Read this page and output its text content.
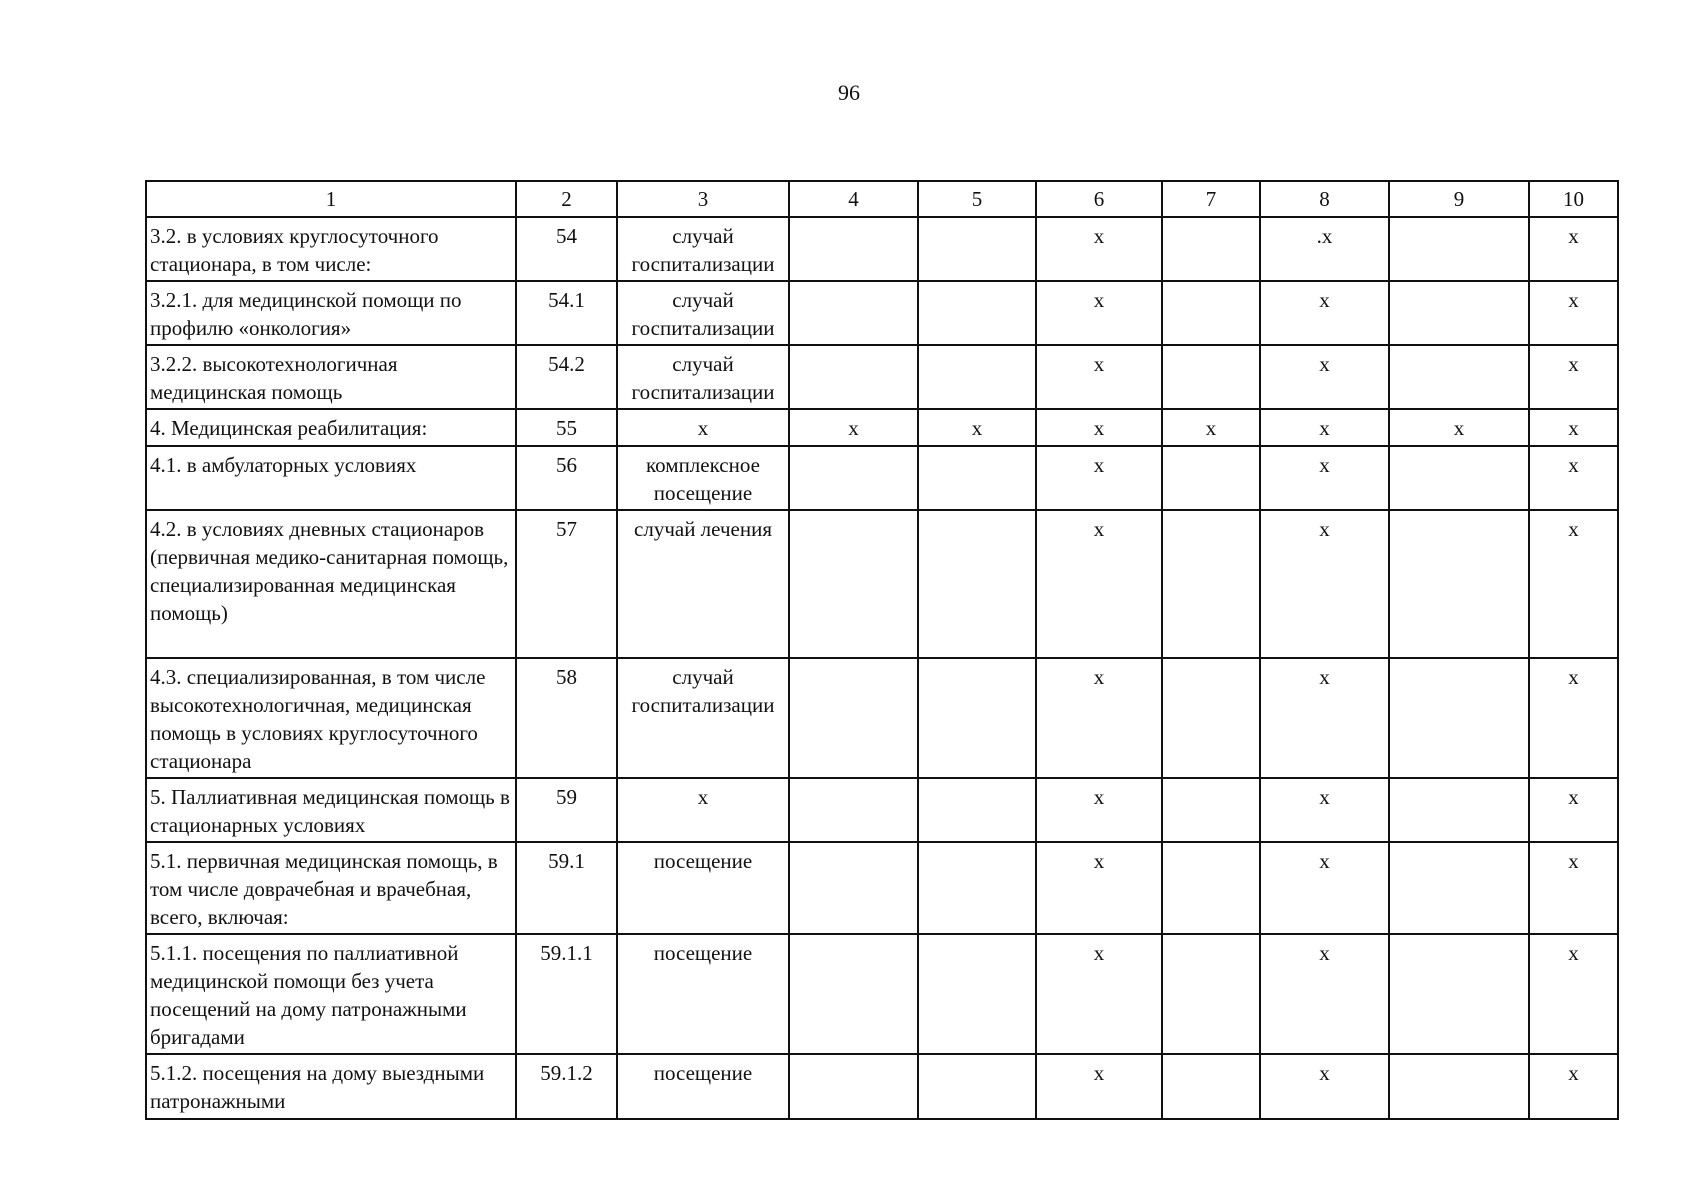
96
1	2	3	4	5	6	7	8	9	10
3.2. в условиях круглосуточного стационара, в том числе:	54	случай госпитализации			х		.х		х
3.2.1. для медицинской помощи по профилю «онкология»	54.1	случай госпитализации			х		х		х
3.2.2. высокотехнологичная медицинская помощь	54.2	случай госпитализации			х		х		х
4. Медицинская реабилитация:	55	х	х	х	х	х	х	х	х
4.1. в амбулаторных условиях	56	комплексное посещение			х		х		х
4.2. в условиях дневных стационаров (первичная медико-санитарная помощь, специализированная медицинская помощь)	57	случай лечения			х		х		х
4.3. специализированная, в том числе высокотехнологичная, медицинская помощь в условиях круглосуточного стационара	58	случай госпитализации			х		х		х
5. Паллиативная медицинская помощь в стационарных условиях	59	х			х		х		х
5.1. первичная медицинская помощь, в том числе доврачебная и врачебная, всего, включая:	59.1	посещение			х		х		х
5.1.1. посещения по паллиативной медицинской помощи без учета посещений на дому патронажными бригадами	59.1.1	посещение			х		х		х
5.1.2. посещения на дому выездными патронажными	59.1.2	посещение			х		х		х
